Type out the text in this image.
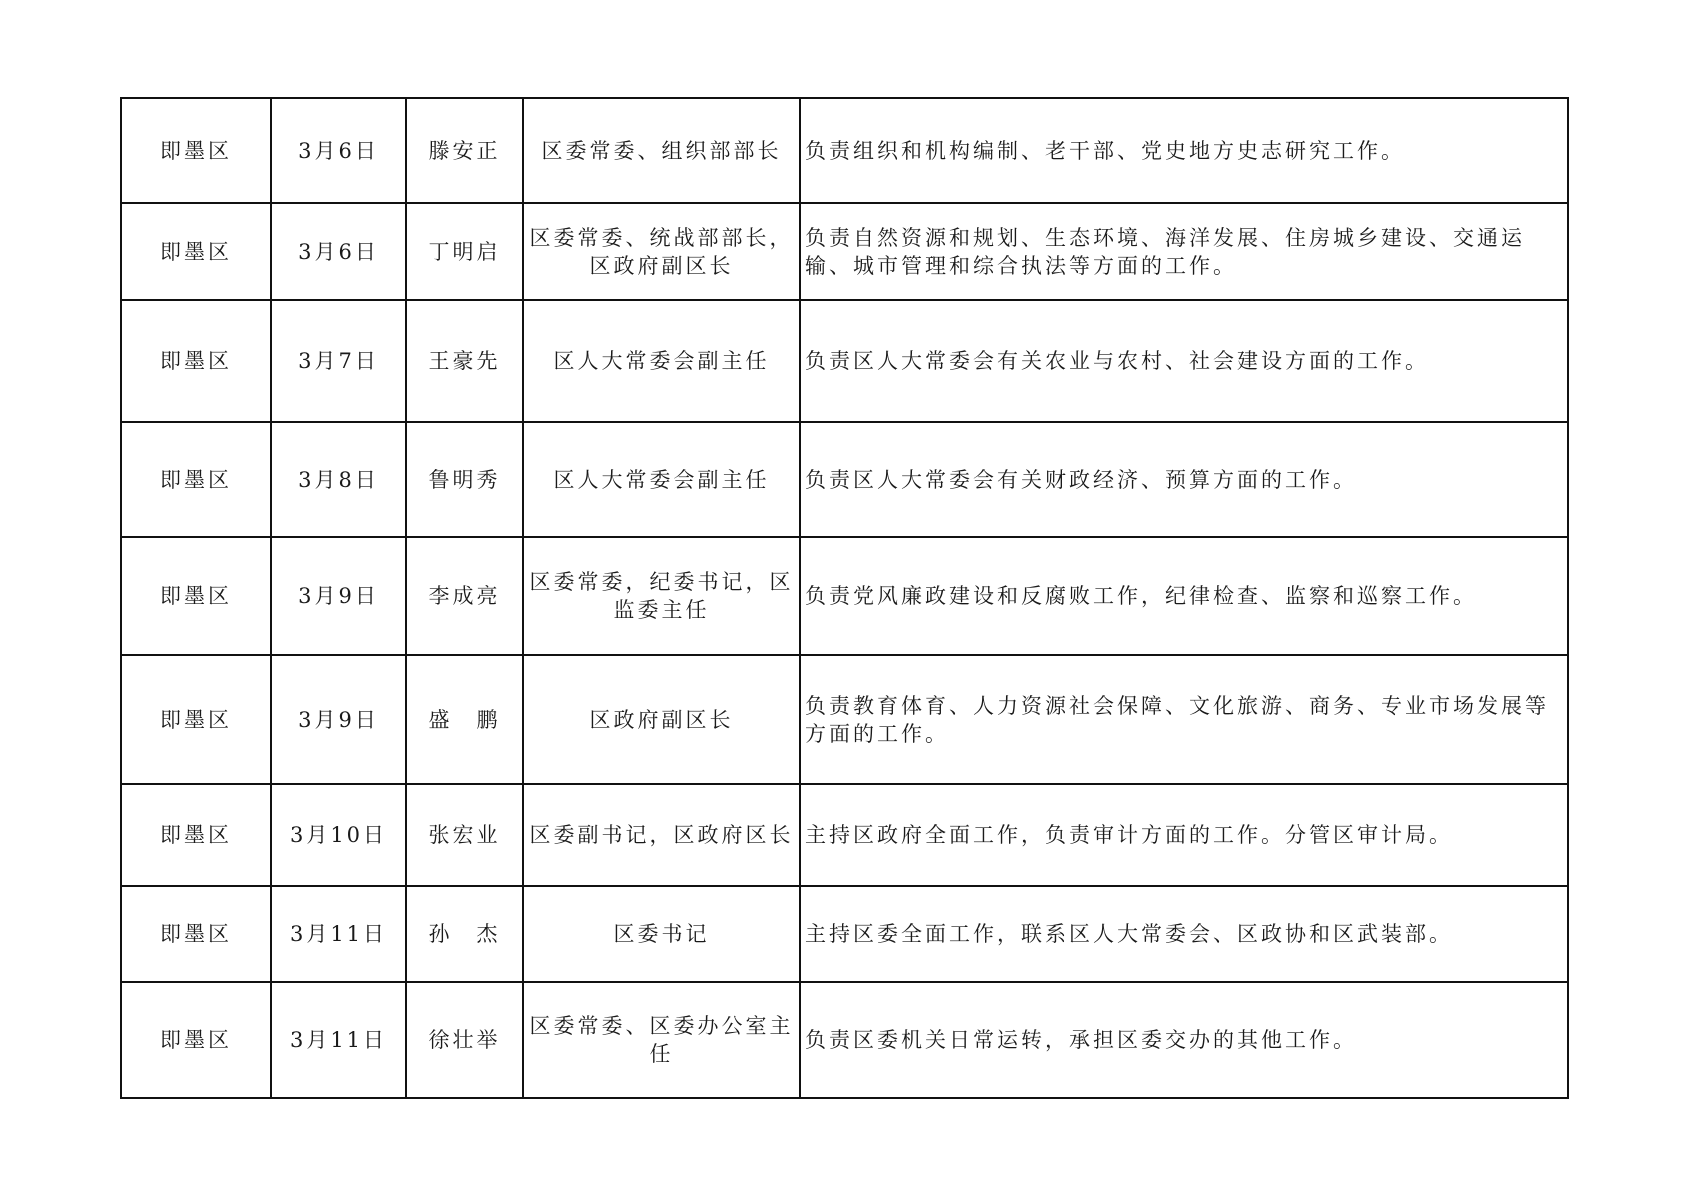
即墨区	3月6日	滕安正	区委常委、组织部部长	负责组织和机构编制、老干部、党史地方史志研究工作。
即墨区	3月6日	丁明启	区委常委、统战部部长，区政府副区长	负责自然资源和规划、生态环境、海洋发展、住房城乡建设、交通运输、城市管理和综合执法等方面的工作。
即墨区	3月7日	王豪先	区人大常委会副主任	负责区人大常委会有关农业与农村、社会建设方面的工作。
即墨区	3月8日	鲁明秀	区人大常委会副主任	负责区人大常委会有关财政经济、预算方面的工作。
即墨区	3月9日	李成亮	区委常委，纪委书记，区监委主任	负责党风廉政建设和反腐败工作，纪律检查、监察和巡察工作。
即墨区	3月9日	盛　鹏	区政府副区长	负责教育体育、人力资源社会保障、文化旅游、商务、专业市场发展等方面的工作。
即墨区	3月10日	张宏业	区委副书记，区政府区长	主持区政府全面工作，负责审计方面的工作。分管区审计局。
即墨区	3月11日	孙　杰	区委书记	主持区委全面工作，联系区人大常委会、区政协和区武装部。
即墨区	3月11日	徐壮举	区委常委、区委办公室主任	负责区委机关日常运转，承担区委交办的其他工作。
